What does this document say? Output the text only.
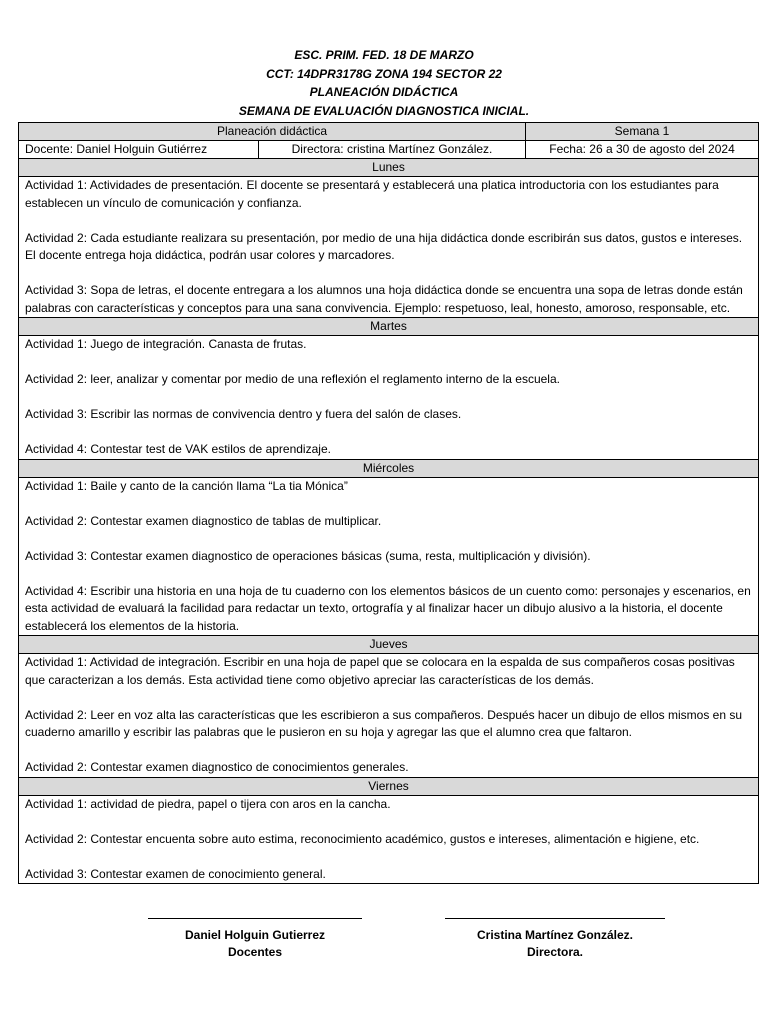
ESC. PRIM. FED. 18 DE MARZO
CCT: 14DPR3178G ZONA 194 SECTOR 22
PLANEACIÓN DIDÁCTICA
SEMANA DE EVALUACIÓN DIAGNOSTICA INICIAL.
Planeación didáctica		Semana 1
Docente: Daniel Holguin Gutiérrez	Directora: cristina Martínez González.	Fecha: 26 a 30 de agosto del 2024
Lunes		

Actividad 1: Actividades de presentación. El docente se presentará y establecerá una platica introductoria con los estudiantes para establecen un vínculo de comunicación y confianza.

Actividad 2: Cada estudiante realizara su presentación, por medio de una hija didáctica donde escribirán sus datos, gustos e intereses. El docente entrega hoja didáctica, podrán usar colores y marcadores.

Actividad 3: Sopa de letras, el docente entregara a los alumnos una hoja didáctica donde se encuentra una sopa de letras donde están palabras con características y conceptos para una sana convivencia. Ejemplo: respetuoso, leal, honesto, amoroso, responsable, etc.		

Martes		

Actividad 1: Juego de integración. Canasta de frutas.

Actividad 2: leer, analizar y comentar por medio de una reflexión el reglamento interno de la escuela.

Actividad 3: Escribir las normas de convivencia dentro y fuera del salón de clases.

Actividad 4: Contestar test de VAK estilos de aprendizaje.		

Miércoles		

Actividad 1: Baile y canto de la canción llama “La tia Mónica”

Actividad 2: Contestar examen diagnostico de tablas de multiplicar.

Actividad 3: Contestar examen diagnostico de operaciones básicas (suma, resta, multiplicación y división).

Actividad 4: Escribir una historia en una hoja de tu cuaderno con los elementos básicos de un cuento como: personajes y escenarios, en esta actividad de evaluará la facilidad para redactar un texto, ortografía y al finalizar hacer un dibujo alusivo a la historia, el docente establecerá los elementos de la historia.		

Jueves		

Actividad 1: Actividad de integración. Escribir en una hoja de papel que se colocara en la espalda de sus compañeros cosas positivas que caracterizan a los demás. Esta actividad tiene como objetivo apreciar las características de los demás.

Actividad 2: Leer en voz alta las características que les escribieron a sus compañeros. Después hacer un dibujo de ellos mismos en su cuaderno amarillo y escribir las palabras que le pusieron en su hoja y agregar las que el alumno crea que faltaron.

Actividad 2: Contestar examen diagnostico de conocimientos generales.		

Viernes		

Actividad 1: actividad de piedra, papel o tijera con aros en la cancha.

Actividad 2: Contestar encuenta sobre auto estima, reconocimiento académico, gustos e intereses, alimentación e higiene, etc.

Actividad 3: Contestar examen de conocimiento general.		

Daniel Holguin Gutierrez
Docentes
Cristina Martínez González.
Directora.
